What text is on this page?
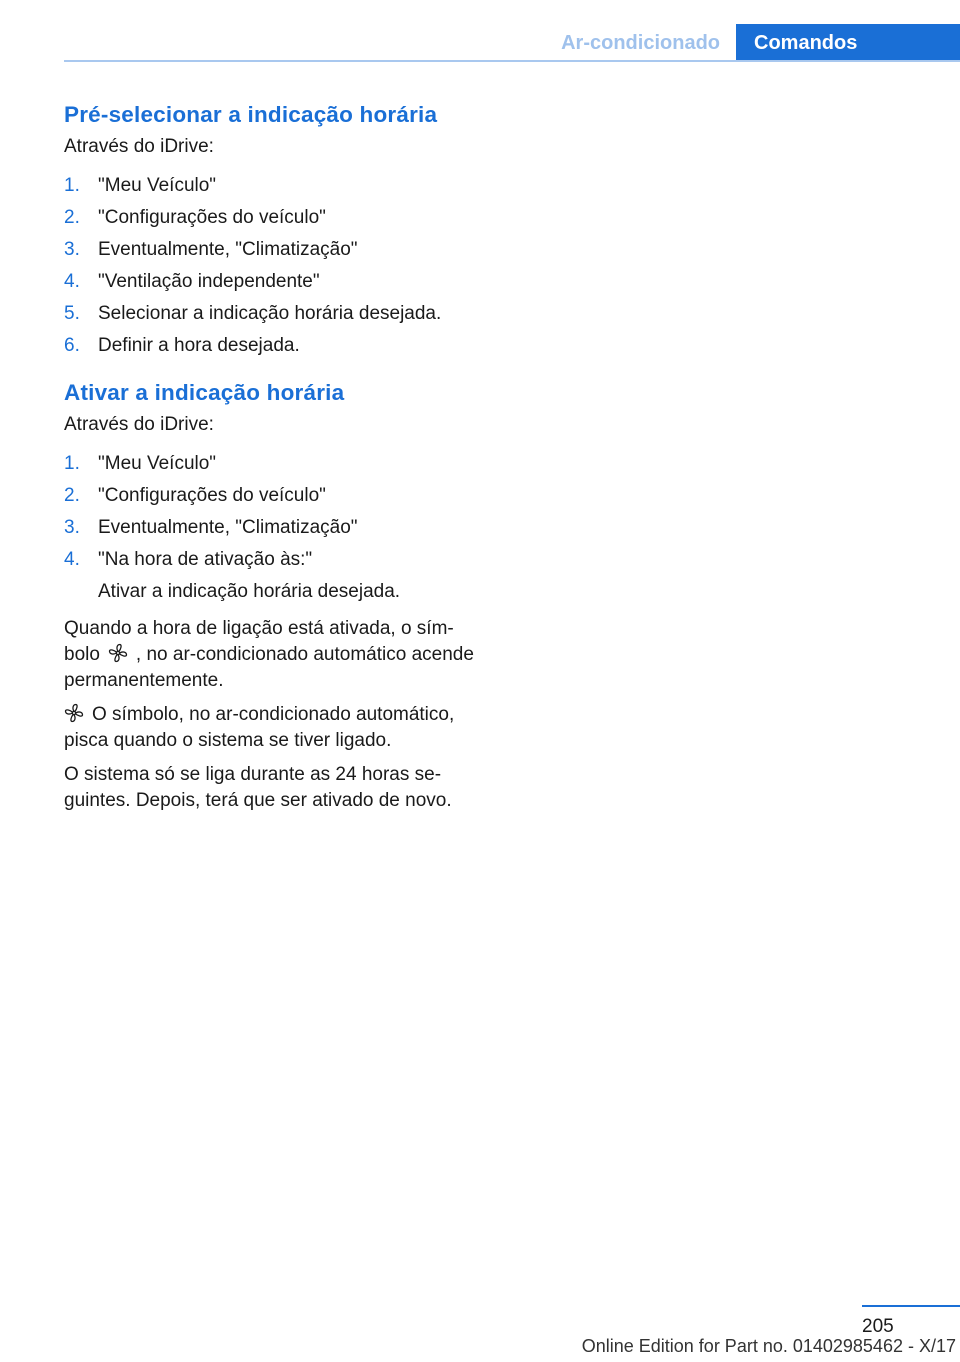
Ar-condicionado	Comandos
Pré-selecionar a indicação horária
Através do iDrive:
1. "Meu Veículo"
2. "Configurações do veículo"
3. Eventualmente, "Climatização"
4. "Ventilação independente"
5. Selecionar a indicação horária desejada.
6. Definir a hora desejada.
Ativar a indicação horária
Através do iDrive:
1. "Meu Veículo"
2. "Configurações do veículo"
3. Eventualmente, "Climatização"
4. "Na hora de ativação às:"
Ativar a indicação horária desejada.

Quando a hora de ligação está ativada, o sím-bolo , no ar-condicionado automático acende permanentemente.

O símbolo, no ar-condicionado automático, pisca quando o sistema se tiver ligado.

O sistema só se liga durante as 24 horas se-guintes. Depois, terá que ser ativado de novo.

205
Online Edition for Part no. 01402985462 - X/17
